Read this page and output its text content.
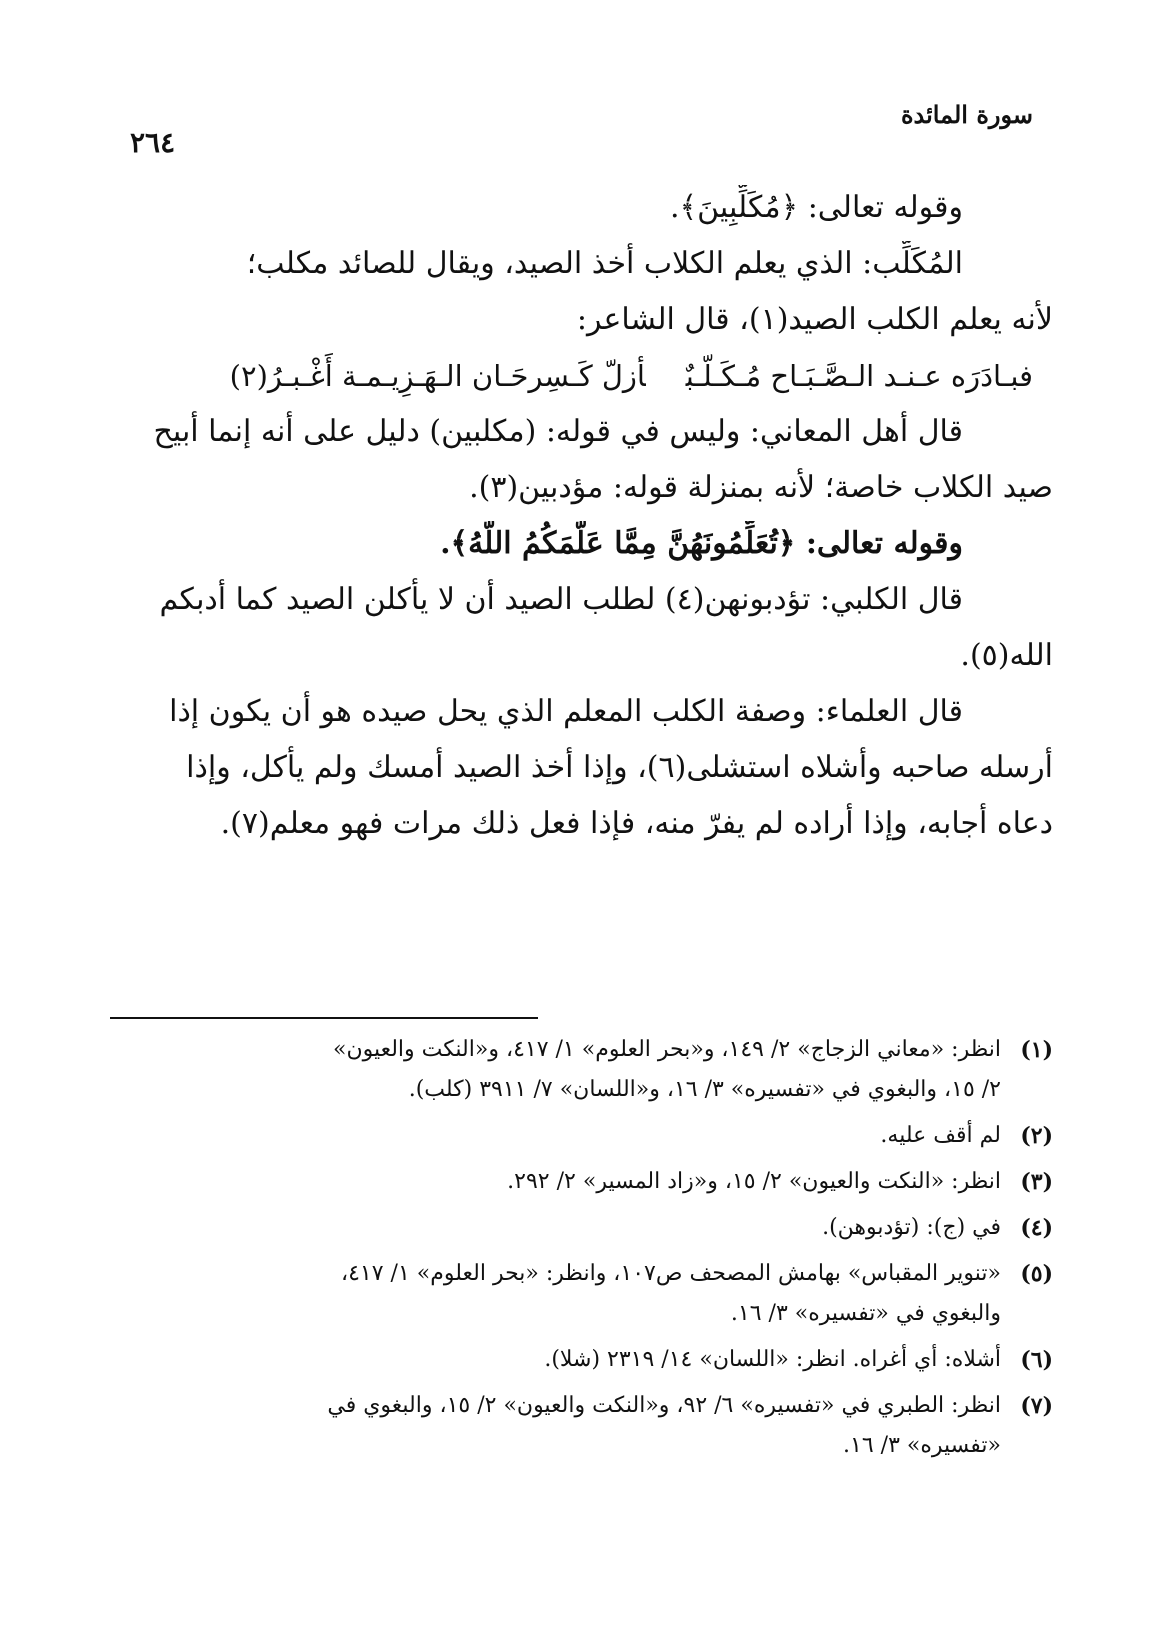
سورة المائدة
٢٦٤

وقوله تعالى: ﴿مُكَلِّبِينَ﴾.

المُكَلِّب: الذي يعلم الكلاب أخذ الصيد، ويقال للصائد مكلب؛

لأنه يعلم الكلب الصيد(١)، قال الشاعر:

فبـادَرَه عـنـد الـصَّـبَـاح مُـكَـلّـبٌأزلّ كَـسِرحَـان الـهَـزِيـمـة أَغْـبـرُ(٢)

قال أهل المعاني: وليس في قوله: (مكلبين) دليل على أنه إنما أبيح

صيد الكلاب خاصة؛ لأنه بمنزلة قوله: مؤدبين(٣).

وقوله تعالى: ﴿تُعَلِّمُونَهُنَّ مِمَّا عَلَّمَكُمُ اللَّهُ﴾.

قال الكلبي: تؤدبونهن(٤) لطلب الصيد أن لا يأكلن الصيد كما أدبكم

الله(٥).

قال العلماء: وصفة الكلب المعلم الذي يحل صيده هو أن يكون إذا

أرسله صاحبه وأشلاه استشلى(٦)، وإذا أخذ الصيد أمسك ولم يأكل، وإذا

دعاه أجابه، وإذا أراده لم يفرّ منه، فإذا فعل ذلك مرات فهو معلم(٧).

(١)
انظر: «معاني الزجاج» ٢/ ١٤٩، و«بحر العلوم» ١/ ٤١٧، و«النكت والعيون»
٢/ ١٥، والبغوي في «تفسيره» ٣/ ١٦، و«اللسان» ٧/ ٣٩١١ (كلب).
(٢)
لم أقف عليه.
(٣)
انظر: «النكت والعيون» ٢/ ١٥، و«زاد المسير» ٢/ ٢٩٢.
(٤)
في (ج): (تؤدبوهن).
(٥)
«تنوير المقباس» بهامش المصحف ص١٠٧، وانظر: «بحر العلوم» ١/ ٤١٧،
والبغوي في «تفسيره» ٣/ ١٦.
(٦)
أشلاه: أي أغراه. انظر: «اللسان» ١٤/ ٢٣١٩ (شلا).
(٧)
انظر: الطبري في «تفسيره» ٦/ ٩٢، و«النكت والعيون» ٢/ ١٥، والبغوي في
«تفسيره» ٣/ ١٦.
